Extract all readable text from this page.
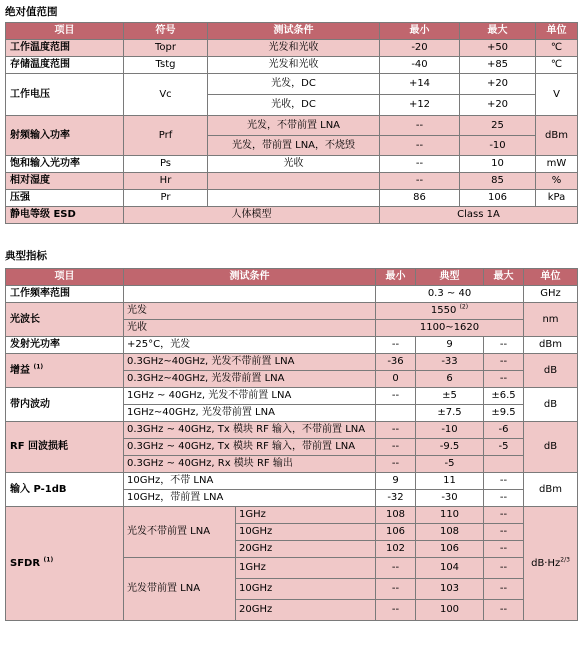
绝对值范围
项目	符号	测试条件	最小	最大	单位
工作温度范围	Topr	光发和光收	-20	+50	℃
存储温度范围	Tstg	光发和光收	-40	+85	℃
工作电压	Vc	光发，DC	+14	+20	V
		光收，DC	+12	+20	
射频输入功率	Prf	光发，不带前置 LNA	--	25	dBm
		光发，带前置 LNA，不烧毁	--	-10	
饱和输入光功率	Ps	光收	--	10	mW
相对湿度	Hr		--	85	%
压强	Pr		86	106	kPa
静电等级 ESD	人体模型		Class 1A		
典型指标
项目	测试条件		最小	典型	最大	单位
工作频率范围			0.3 ~ 40			GHz
光波长	光发		1550 $^{(2)}$			nm
	光收		1100~1620			
发射光功率	+25°C，光发		--	9	--	dBm
增益 $^{(1)}$	0.3GHz~40GHz, 光发不带前置 LNA		-36	-33	--	dB
	0.3GHz~40GHz, 光发带前置 LNA		0	6	--	
带内波动	1GHz ~ 40GHz, 光发不带前置 LNA		--	±5	±6.5	dB
	1GHz~40GHz, 光发带前置 LNA			±7.5	±9.5	
RF 回波损耗	0.3GHz ~ 40GHz, Tx 模块 RF 输入，不带前置 LNA		--	-10	-6	dB
	0.3GHz ~ 40GHz, Tx 模块 RF 输入，带前置 LNA		--	-9.5	-5	
	0.3GHz ~ 40GHz, Rx 模块 RF 输出		--	-5		
输入 P-1dB	10GHz，不带 LNA		9	11	--	dBm
	10GHz，带前置 LNA		-32	-30	--	
SFDR $^{(1)}$	光发不带前置 LNA	1GHz	108	110	--	$dB\cdot Hz^{2/3}$
		10GHz	106	108	--	
		20GHz	102	106	--	
	光发带前置 LNA	1GHz	--	104	--	
		10GHz	--	103	--	
		20GHz	--	100	--	
